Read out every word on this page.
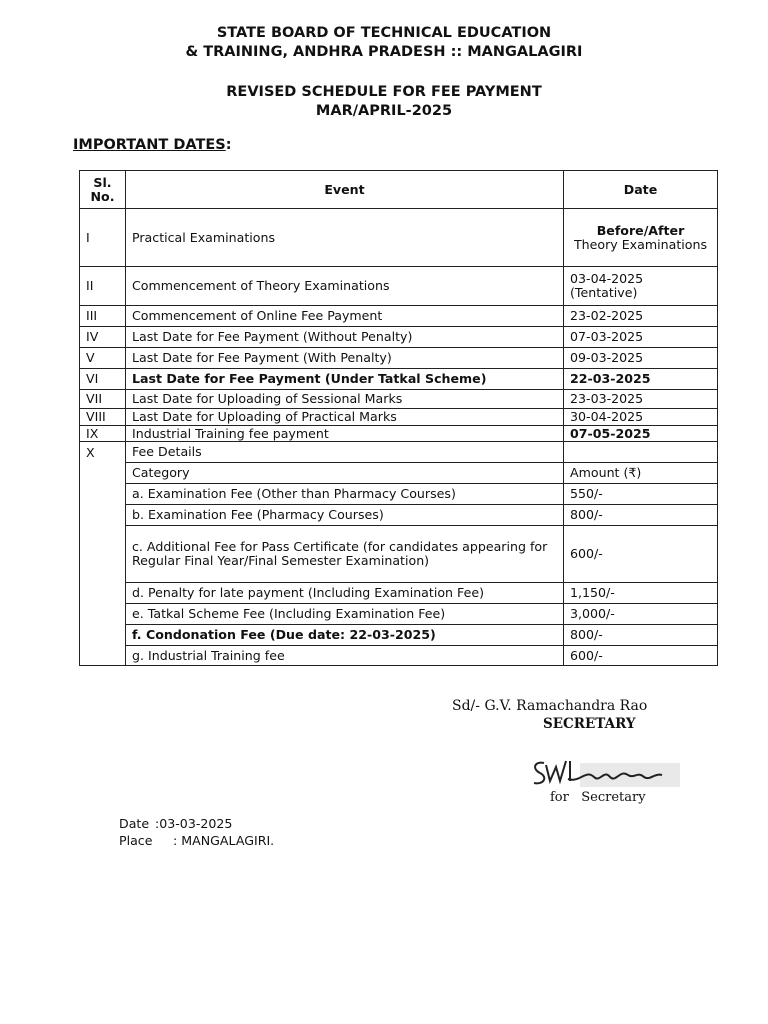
STATE BOARD OF TECHNICAL EDUCATION
& TRAINING, ANDHRA PRADESH :: MANGALAGIRI
REVISED SCHEDULE FOR FEE PAYMENT
MAR/APRIL-2025
IMPORTANT DATES:
Sl.
No.	Event	Date
I	Practical Examinations	Before/After
Theory Examinations

II	Commencement of Theory Examinations	03-04-2025
(Tentative)

III	Commencement of Online Fee Payment	23-02-2025
IV	Last Date for Fee Payment (Without Penalty)	07-03-2025
V	Last Date for Fee Payment (With Penalty)	09-03-2025
VI	Last Date for Fee Payment (Under Tatkal Scheme)	22-03-2025
VII	Last Date for Uploading of Sessional Marks	23-03-2025
VIII	Last Date for Uploading of Practical Marks	30-04-2025
IX	Industrial Training fee payment	07-05-2025
X	Fee Details	
	Category	Amount (₹)
	a. Examination Fee (Other than Pharmacy Courses)	550/-
	b. Examination Fee (Pharmacy Courses)	800/-
	c. Additional Fee for Pass Certificate (for candidates appearing for Regular Final Year/Final Semester Examination)	600/-
	d. Penalty for late payment (Including Examination Fee)	1,150/-
	e. Tatkal Scheme Fee (Including Examination Fee)	3,000/-
	f. Condonation Fee (Due date: 22-03-2025)	800/-
	g. Industrial Training fee	600/-
Sd/- G.V. Ramachandra Rao
SECRETARY
for   Secretary
Date :03-03-2025
Place : MANGALAGIRI.
